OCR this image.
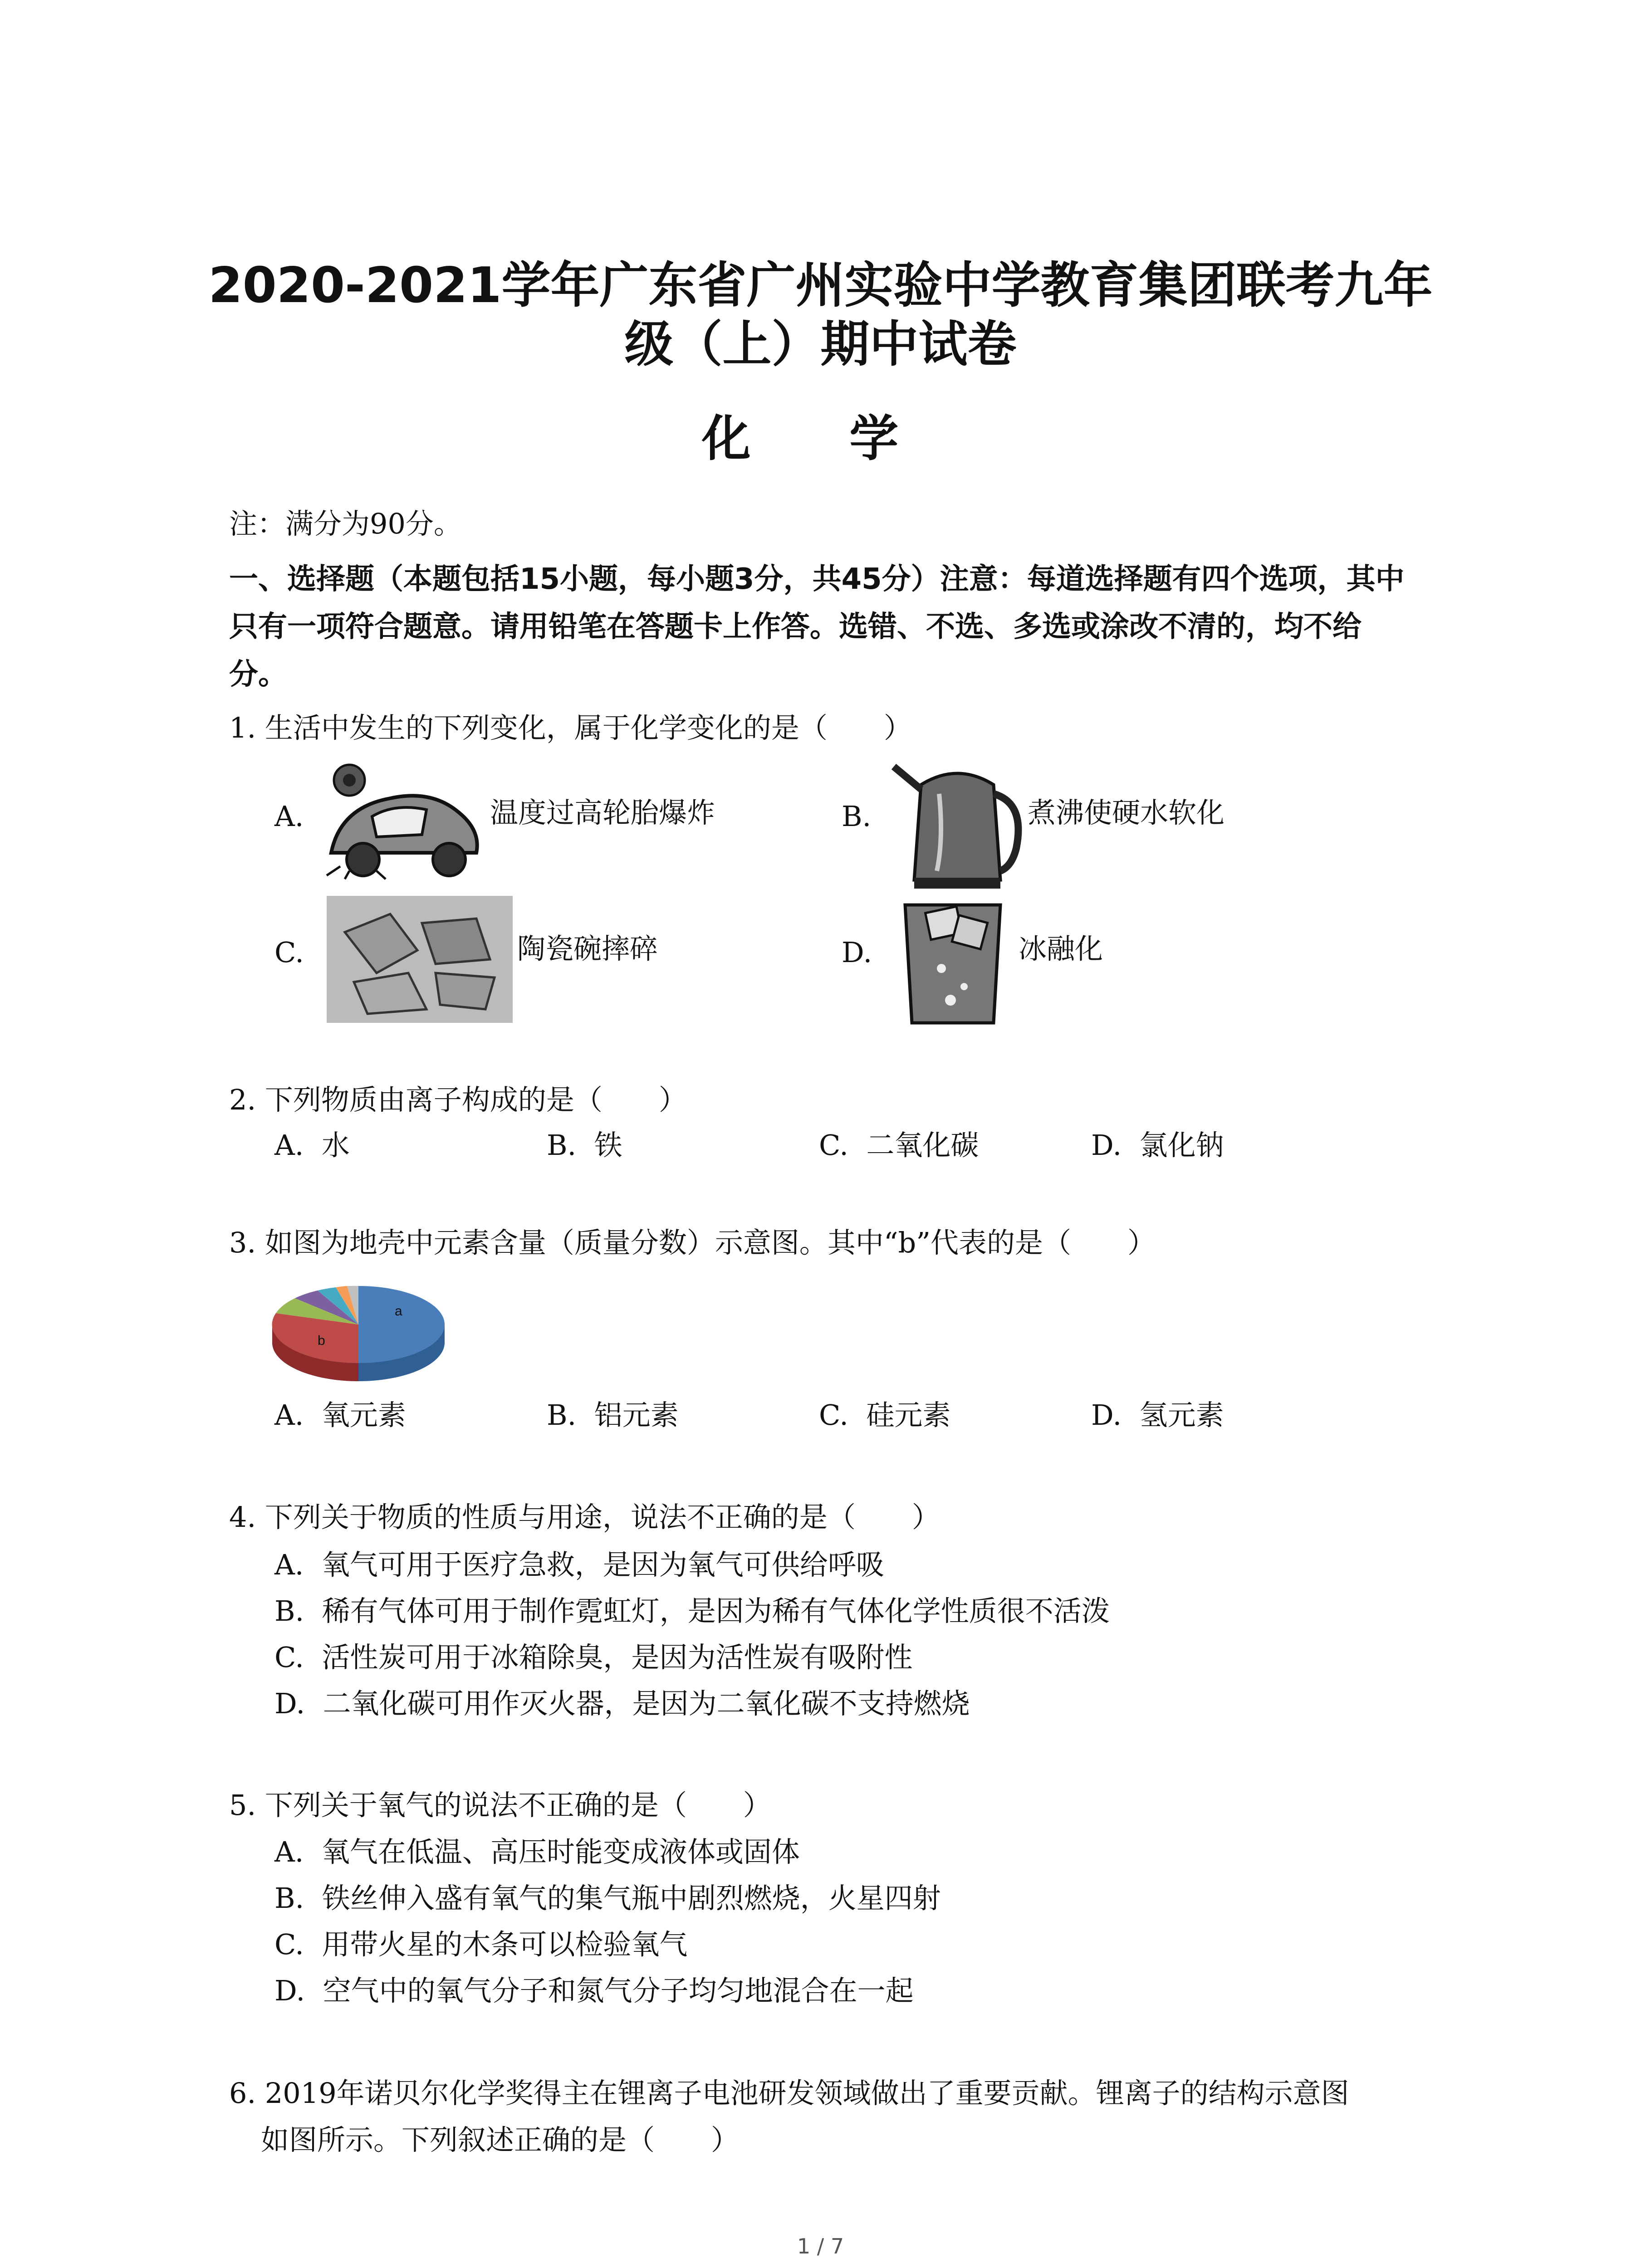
2020-2021学年广东省广州实验中学教育集团联考九年
级（上）期中试卷
化 学
注：满分为90分。
一、选择题（本题包括15小题，每小题3分，共45分）注意：每道选择题有四个选项，其中
只有一项符合题意。请用铅笔在答题卡上作答。选错、不选、多选或涂改不清的，均不给
分。
1. 生活中发生的下列变化，属于化学变化的是（　　）
A.	温度过高轮胎爆炸	B.	煮沸使硬水软化
C.	陶瓷碗摔碎	D.	冰融化
2. 下列物质由离子构成的是（　　）
A. 水	B. 铁	C. 二氧化碳	D. 氯化钠
3. 如图为地壳中元素含量（质量分数）示意图。其中“b”代表的是（　　）
a
b
A. 氧元素	B. 铝元素	C. 硅元素	D. 氢元素
4. 下列关于物质的性质与用途，说法不正确的是（　　）
A. 氧气可用于医疗急救，是因为氧气可供给呼吸
B. 稀有气体可用于制作霓虹灯，是因为稀有气体化学性质很不活泼
C. 活性炭可用于冰箱除臭，是因为活性炭有吸附性
D. 二氧化碳可用作灭火器，是因为二氧化碳不支持燃烧
5. 下列关于氧气的说法不正确的是（　　）
A. 氧气在低温、高压时能变成液体或固体
B. 铁丝伸入盛有氧气的集气瓶中剧烈燃烧，火星四射
C. 用带火星的木条可以检验氧气
D. 空气中的氧气分子和氮气分子均匀地混合在一起
6. 2019年诺贝尔化学奖得主在锂离子电池研发领域做出了重要贡献。锂离子的结构示意图
如图所示。下列叙述正确的是（　　）
1 / 7
